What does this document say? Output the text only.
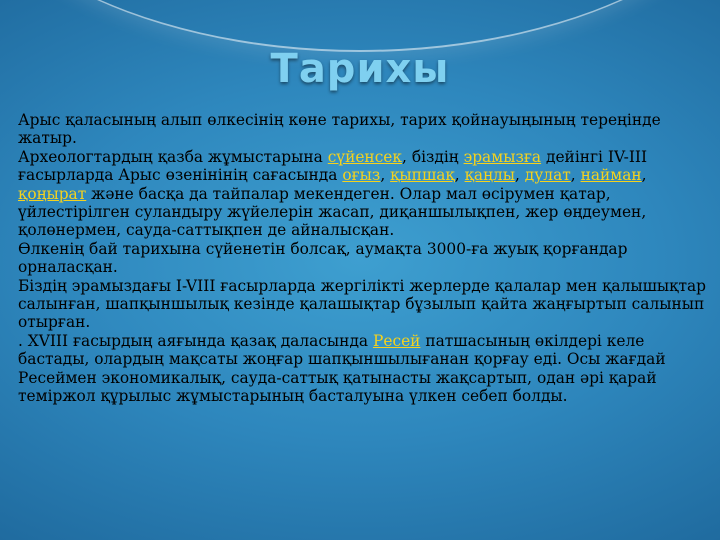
Тарихы

Арыс қаласының алып өлкесінің көне тарихы, тарих қойнауыңының тереңінде жатыр.

Археологтардың қазба жұмыстарына сүйенсек, біздің эрамызға дейінгі IV-III ғасырларда Арыс өзенінінің сағасында оғыз, қыпшақ, қаңлы, дулат, найман, қоңырат және басқа да тайпалар мекендеген. Олар мал өсірумен қатар, үйлестірілген суландыру жүйелерін жасап, диқаншылықпен, жер өңдеумен, қолөнермен, сауда-саттықпен де айналысқан.

Өлкенің бай тарихына сүйенетін болсақ, аумақта 3000-ға жуық қорғандар орналасқан.

Біздің эрамыздағы I-VIII ғасырларда жергілікті жерлерде қалалар мен қалышықтар салынған, шапқыншылық кезінде қалашықтар бұзылып қайта жаңғыртып салынып отырған.

. XVIII ғасырдың аяғында қазақ даласында Ресей патшасының өкілдері келе бастады, олардың мақсаты жоңғар шапқыншылығанан қорғау еді. Осы жағдай Ресеймен экономикалық, сауда-саттық қатынасты жақсартып, одан әрі қарай теміржол құрылыс жұмыстарының басталуына үлкен себеп болды.
